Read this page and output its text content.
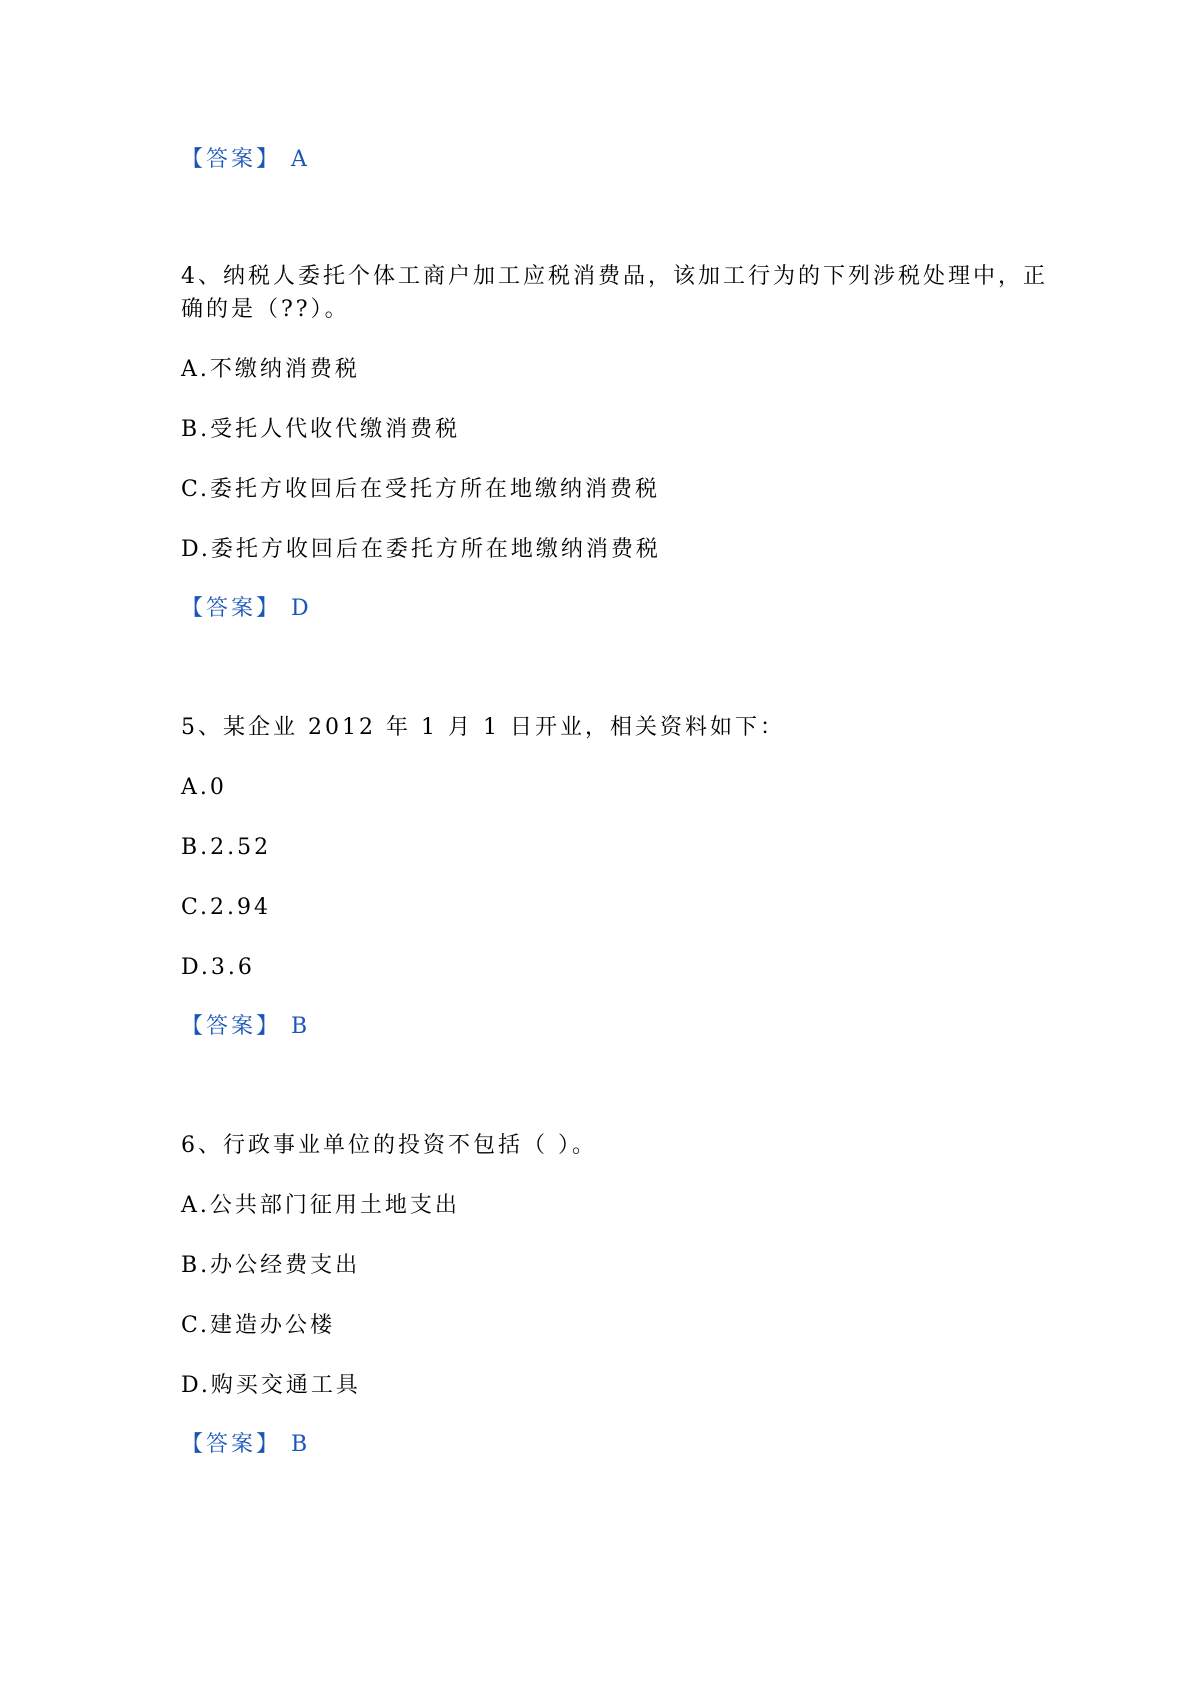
【答案】 A
4、纳税人委托个体工商户加工应税消费品，该加工行为的下列涉税处理中，正
确的是（??）。
A.不缴纳消费税
B.受托人代收代缴消费税
C.委托方收回后在受托方所在地缴纳消费税
D.委托方收回后在委托方所在地缴纳消费税
【答案】 D
5、某企业 2012 年 1 月 1 日开业，相关资料如下：
A.0
B.2.52
C.2.94
D.3.6
【答案】 B
6、行政事业单位的投资不包括（ ）。
A.公共部门征用土地支出
B.办公经费支出
C.建造办公楼
D.购买交通工具
【答案】 B
